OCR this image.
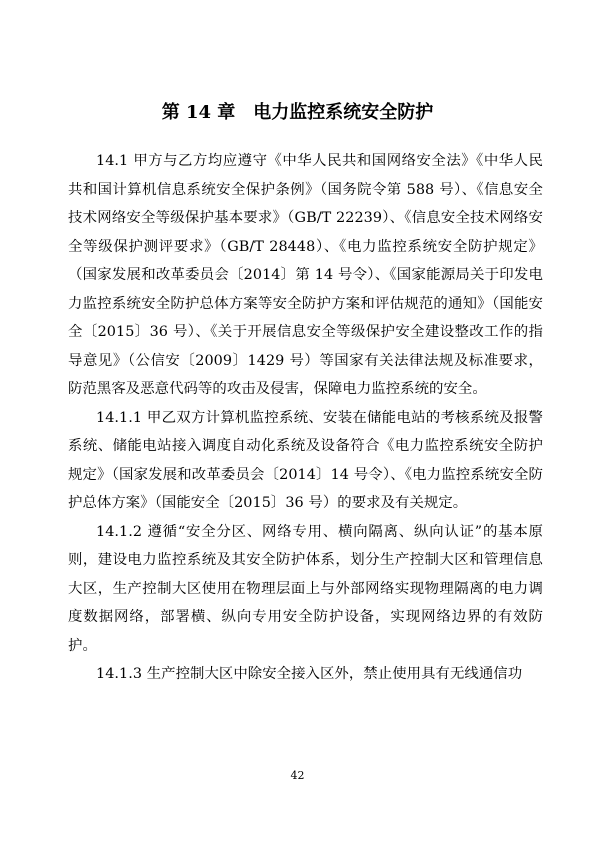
第 14 章　电力监控系统安全防护

14.1 甲方与乙方均应遵守《中华人民共和国网络安全法》《中华人民共和国计算机信息系统安全保护条例》（国务院令第 588 号）、《信息安全技术网络安全等级保护基本要求》（GB/T 22239）、《信息安全技术网络安全等级保护测评要求》（GB/T 28448）、《电力监控系统安全防护规定》（国家发展和改革委员会〔2014〕第 14 号令）、《国家能源局关于印发电力监控系统安全防护总体方案等安全防护方案和评估规范的通知》（国能安全〔2015〕36 号）、《关于开展信息安全等级保护安全建设整改工作的指导意见》（公信安〔2009〕1429 号）等国家有关法律法规及标准要求，防范黑客及恶意代码等的攻击及侵害，保障电力监控系统的安全。

14.1.1 甲乙双方计算机监控系统、安装在储能电站的考核系统及报警系统、储能电站接入调度自动化系统及设备符合《电力监控系统安全防护规定》（国家发展和改革委员会〔2014〕14 号令）、《电力监控系统安全防护总体方案》（国能安全〔2015〕36 号）的要求及有关规定。

14.1.2 遵循“安全分区、网络专用、横向隔离、纵向认证”的基本原则，建设电力监控系统及其安全防护体系，划分生产控制大区和管理信息大区，生产控制大区使用在物理层面上与外部网络实现物理隔离的电力调度数据网络，部署横、纵向专用安全防护设备，实现网络边界的有效防护。

14.1.3 生产控制大区中除安全接入区外，禁止使用具有无线通信功

42
